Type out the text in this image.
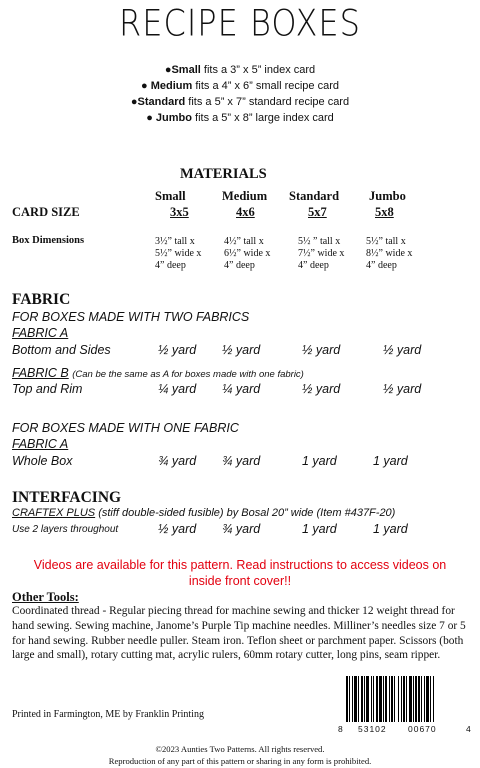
RECIPE BOXES
●Small fits a 3” x 5” index card
● Medium fits a 4” x 6” small recipe card
●Standard fits a 5” x 7” standard recipe card
● Jumbo fits a 5” x 8” large index card
MATERIALS
Small	Medium Standard Jumbo
CARD SIZE	3x5	4x6	5x7	5x8
Box Dimensions	3½” tall x
5½” wide x
4” deep
4½” tall x
6½” wide x
4” deep
5½ ” tall x
7½” wide x
4” deep
5½” tall x
8½” wide x
4” deep
FABRIC
FOR BOXES MADE WITH TWO FABRICS
FABRIC A
Bottom and Sides	½ yard ½ yard	½ yard	½ yard
FABRIC B (Can be the same as A for boxes made with one fabric)
Top and Rim	¼ yard ¼ yard	½ yard	½ yard
FOR BOXES MADE WITH ONE FABRIC
FABRIC A
Whole Box	¾ yard ¾ yard	1 yard	1 yard
INTERFACING
CRAFTEX PLUS (stiff double-sided fusible) by Bosal 20” wide (Item #437F-20)
Use 2 layers throughout	½ yard ¾ yard	1 yard	1 yard
Videos are available for this pattern. Read instructions to access videos on inside front cover!!
Other Tools:
Coordinated thread - Regular piecing thread for machine sewing and thicker 12 weight thread for hand sewing. Sewing machine, Janome’s Purple Tip machine needles. Milliner’s needles size 7 or 5 for hand sewing. Rubber needle puller. Steam iron. Teflon sheet or parchment paper. Scissors (both large and small), rotary cutting mat, acrylic rulers, 60mm rotary cutter, long pins, seam ripper.
Printed in Farmington, ME by Franklin Printing
8 53102	00670	4
©2023 Aunties Two Patterns. All rights reserved.
Reproduction of any part of this pattern or sharing in any form is prohibited.
